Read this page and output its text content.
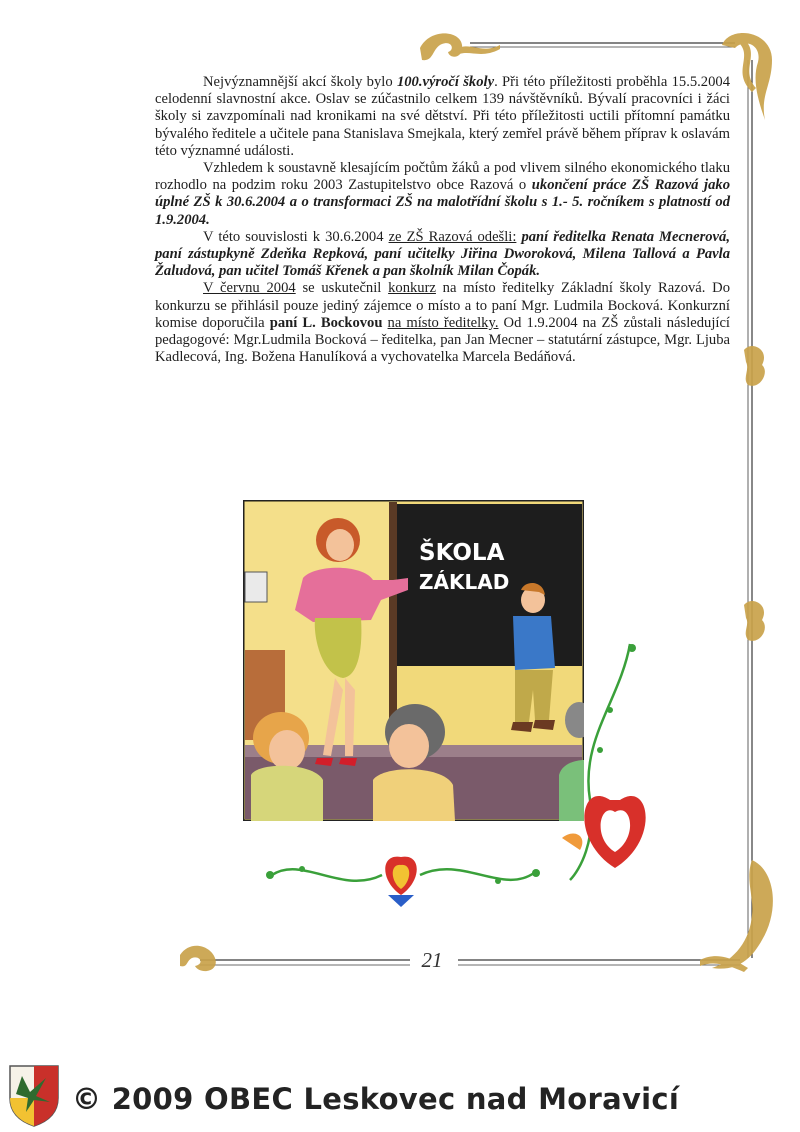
Nejvýznamnější akcí školy bylo 100.výročí školy. Při této příležitosti proběhla 15.5.2004 celodenní slavnostní akce. Oslav se zúčastnilo celkem 139 návštěvníků. Bývalí pracovníci i žáci školy si zavzpomínali nad kronikami na své dětství. Při této příležitosti uctili přítomní památku bývalého ředitele a učitele pana Stanislava Smejkala, který zemřel právě během příprav k oslavám této významné události.

Vzhledem k soustavně klesajícím počtům žáků a pod vlivem silného ekonomického tlaku rozhodlo na podzim roku 2003 Zastupitelstvo obce Razová o ukončení práce ZŠ Razová jako úplné ZŠ k 30.6.2004 a o transformaci ZŠ na malotřídní školu s 1.- 5. ročníkem s platností od 1.9.2004.

V této souvislosti k 30.6.2004 ze ZŠ Razová odešli: paní ředitelka Renata Mecnerová, paní zástupkyně Zdeňka Repková, paní učitelky Jiřina Dworoková, Milena Tallová a Pavla Žaludová, pan učitel Tomáš Křenek a pan školník Milan Čopák.

V červnu 2004 se uskutečnil konkurz na místo ředitelky Základní školy Razová. Do konkurzu se přihlásil pouze jediný zájemce o místo a to paní Mgr. Ludmila Bocková. Konkurzní komise doporučila paní L. Bockovou na místo ředitelky. Od 1.9.2004 na ZŠ zůstali následující pedagogové: Mgr.Ludmila Bocková – ředitelka, pan Jan Mecner – statutární zástupce, Mgr. Ljuba Kadlecová, Ing. Božena Hanulíková a vychovatelka Marcela Bedáňová.

ŠKOLA
ZÁKLAD
21
© 2009 OBEC Leskovec nad Moravicí
